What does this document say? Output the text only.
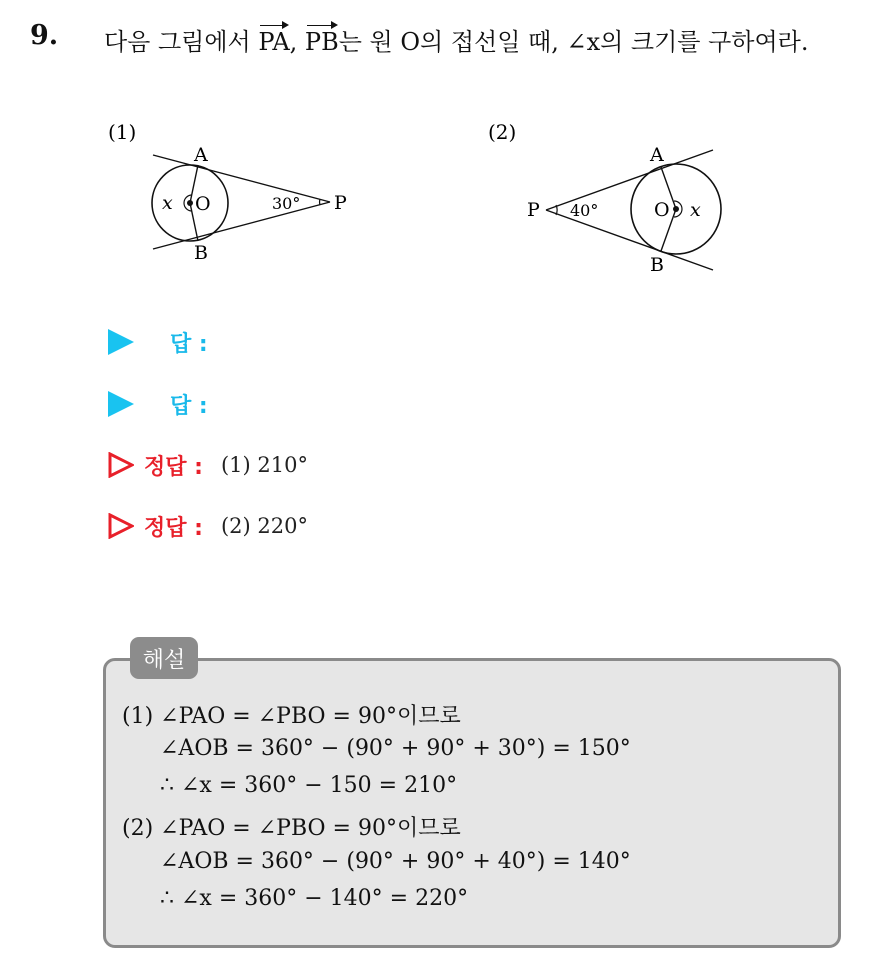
9. 다음 그림에서 PA, PB는 원 O의 접선일 때, ∠x의 크기를 구하여라.
(1)
A
B
O	P
x	30°
(2)
A
B
O
P	x
40°
답 :
답 :
정답 : (1) 210°
정답 : (2) 220°
해설
(1) ∠PAO = ∠PBO = 90°이므로
∠AOB = 360° − (90° + 90° + 30°) = 150°
∴ ∠x = 360° − 150 = 210°
(2) ∠PAO = ∠PBO = 90°이므로
∠AOB = 360° − (90° + 90° + 40°) = 140°
∴ ∠x = 360° − 140° = 220°
